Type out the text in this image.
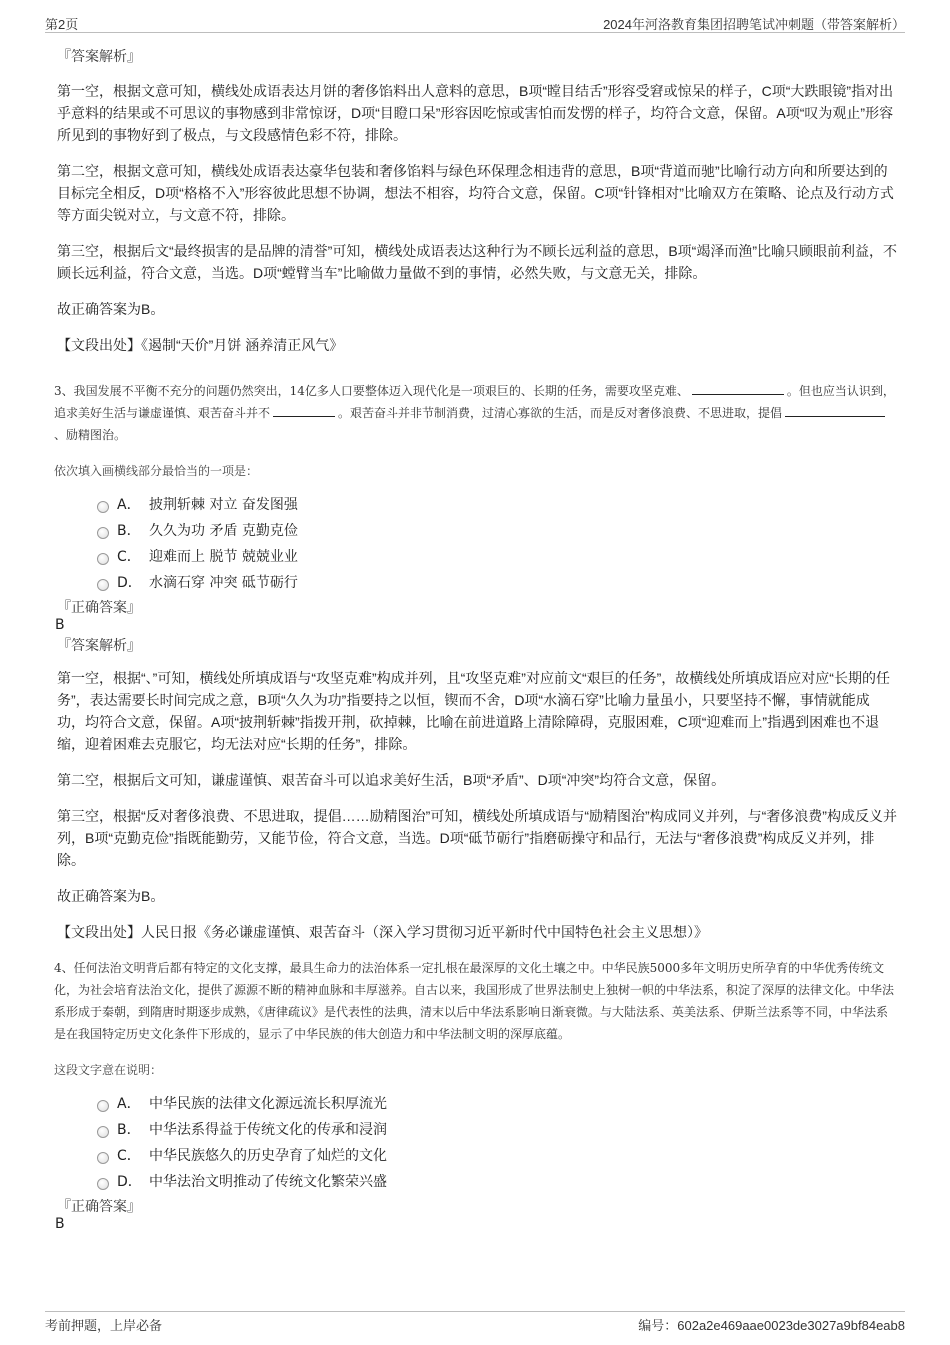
第2页	2024年河洛教育集团招聘笔试冲刺题（带答案解析）
『答案解析』

第一空，根据文意可知，横线处成语表达月饼的奢侈馅料出人意料的意思，B项“瞠目结舌”形容受窘或惊呆的样子，C项“大跌眼镜”指对出乎意料的结果或不可思议的事物感到非常惊讶，D项“目瞪口呆”形容因吃惊或害怕而发愣的样子，均符合文意，保留。A项“叹为观止”形容所见到的事物好到了极点，与文段感情色彩不符，排除。

第二空，根据文意可知，横线处成语表达豪华包装和奢侈馅料与绿色环保理念相违背的意思，B项“背道而驰”比喻行动方向和所要达到的目标完全相反，D项“格格不入”形容彼此思想不协调，想法不相容，均符合文意，保留。C项“针锋相对”比喻双方在策略、论点及行动方式等方面尖锐对立，与文意不符，排除。

第三空，根据后文“最终损害的是品牌的清誉”可知，横线处成语表达这种行为不顾长远利益的意思，B项“竭泽而渔”比喻只顾眼前利益，不顾长远利益，符合文意，当选。D项“螳臂当车”比喻做力量做不到的事情，必然失败，与文意无关，排除。

故正确答案为B。

【文段出处】《遏制“天价”月饼 涵养清正风气》

3、我国发展不平衡不充分的问题仍然突出，14亿多人口要整体迈入现代化是一项艰巨的、长期的任务，需要攻坚克难、	。但也应当认识到，追求美好生活与谦虚谨慎、艰苦奋斗并不	。艰苦奋斗并非节制消费，过清心寡欲的生活，而是反对奢侈浪费、不思进取，提倡、励精图治。
依次填入画横线部分最恰当的一项是：
A． 披荆斩棘 对立 奋发图强
B． 久久为功 矛盾 克勤克俭
C． 迎难而上 脱节 兢兢业业
D． 水滴石穿 冲突 砥节砺行
『正确答案』
B
『答案解析』

第一空，根据“、”可知，横线处所填成语与“攻坚克难”构成并列，且“攻坚克难”对应前文“艰巨的任务”，故横线处所填成语应对应“长期的任务”，表达需要长时间完成之意，B项“久久为功”指要持之以恒，锲而不舍，D项“水滴石穿”比喻力量虽小，只要坚持不懈，事情就能成功，均符合文意，保留。A项“披荆斩棘”指拨开荆，砍掉棘，比喻在前进道路上清除障碍，克服困难，C项“迎难而上”指遇到困难也不退缩，迎着困难去克服它，均无法对应“长期的任务”，排除。

第二空，根据后文可知，谦虚谨慎、艰苦奋斗可以追求美好生活，B项“矛盾”、D项“冲突”均符合文意，保留。

第三空，根据“反对奢侈浪费、不思进取，提倡……励精图治”可知，横线处所填成语与“励精图治”构成同义并列，与“奢侈浪费”构成反义并列，B项“克勤克俭”指既能勤劳，又能节俭，符合文意，当选。D项“砥节砺行”指磨砺操守和品行，无法与“奢侈浪费”构成反义并列，排除。

故正确答案为B。

【文段出处】人民日报《务必谦虚谨慎、艰苦奋斗（深入学习贯彻习近平新时代中国特色社会主义思想）》

4、任何法治文明背后都有特定的文化支撑，最具生命力的法治体系一定扎根在最深厚的文化土壤之中。中华民族5000多年文明历史所孕育的中华优秀传统文化，为社会培育法治文化，提供了源源不断的精神血脉和丰厚滋养。自古以来，我国形成了世界法制史上独树一帜的中华法系，积淀了深厚的法律文化。中华法系形成于秦朝，到隋唐时期逐步成熟，《唐律疏议》是代表性的法典，清末以后中华法系影响日渐衰微。与大陆法系、英美法系、伊斯兰法系等不同，中华法系是在我国特定历史文化条件下形成的，显示了中华民族的伟大创造力和中华法制文明的深厚底蕴。
这段文字意在说明：
A． 中华民族的法律文化源远流长积厚流光
B． 中华法系得益于传统文化的传承和浸润
C． 中华民族悠久的历史孕育了灿烂的文化
D． 中华法治文明推动了传统文化繁荣兴盛
『正确答案』
B
考前押题，上岸必备	编号：602a2e469aae0023de3027a9bf84eab8
